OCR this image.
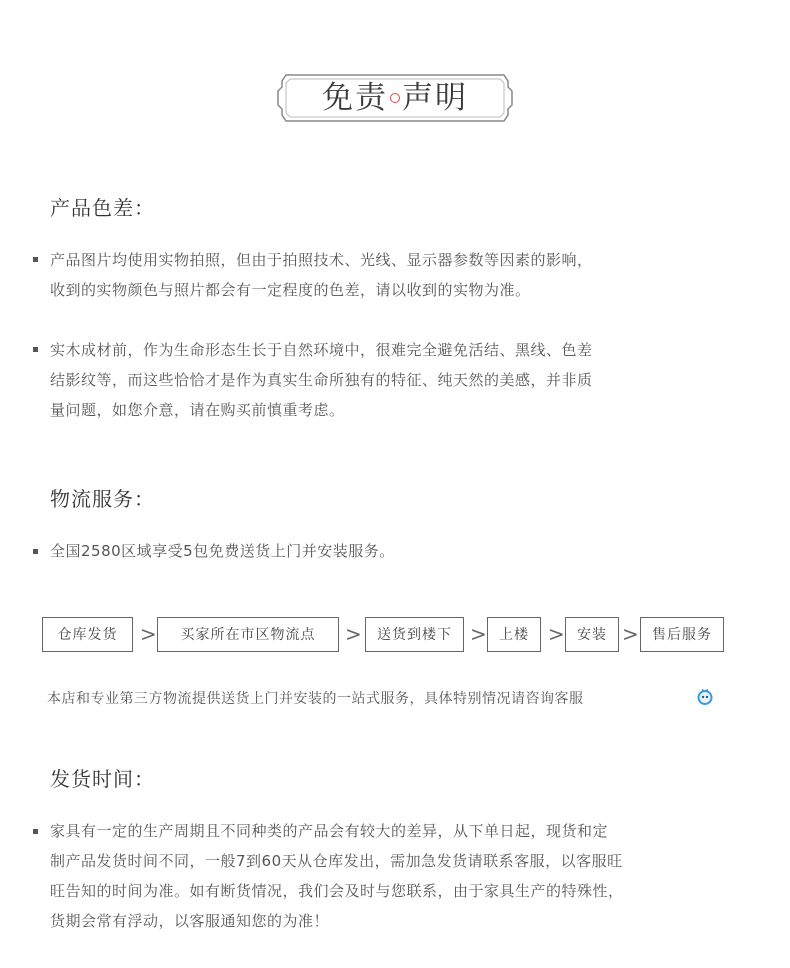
免责 声明
产品色差：
产品图片均使用实物拍照，但由于拍照技术、光线、显示器参数等因素的影响，
收到的实物颜色与照片都会有一定程度的色差，请以收到的实物为准。
实木成材前，作为生命形态生长于自然环境中，很难完全避免活结、黑线、色差
结影纹等，而这些恰恰才是作为真实生命所独有的特征、纯天然的美感，并非质
量问题，如您介意，请在购买前慎重考虑。
物流服务：
全国2580区域享受5包免费送货上门并安装服务。
仓库发货	>	买家所在市区物流点	>	送货到楼下 > 上楼 > 安装 > 售后服务
本店和专业第三方物流提供送货上门并安装的一站式服务，具体特别情况请咨询客服
发货时间：
家具有一定的生产周期且不同种类的产品会有较大的差异，从下单日起，现货和定
制产品发货时间不同，一般7到60天从仓库发出，需加急发货请联系客服，以客服旺
旺告知的时间为准。如有断货情况，我们会及时与您联系，由于家具生产的特殊性，
货期会常有浮动，以客服通知您的为准！
